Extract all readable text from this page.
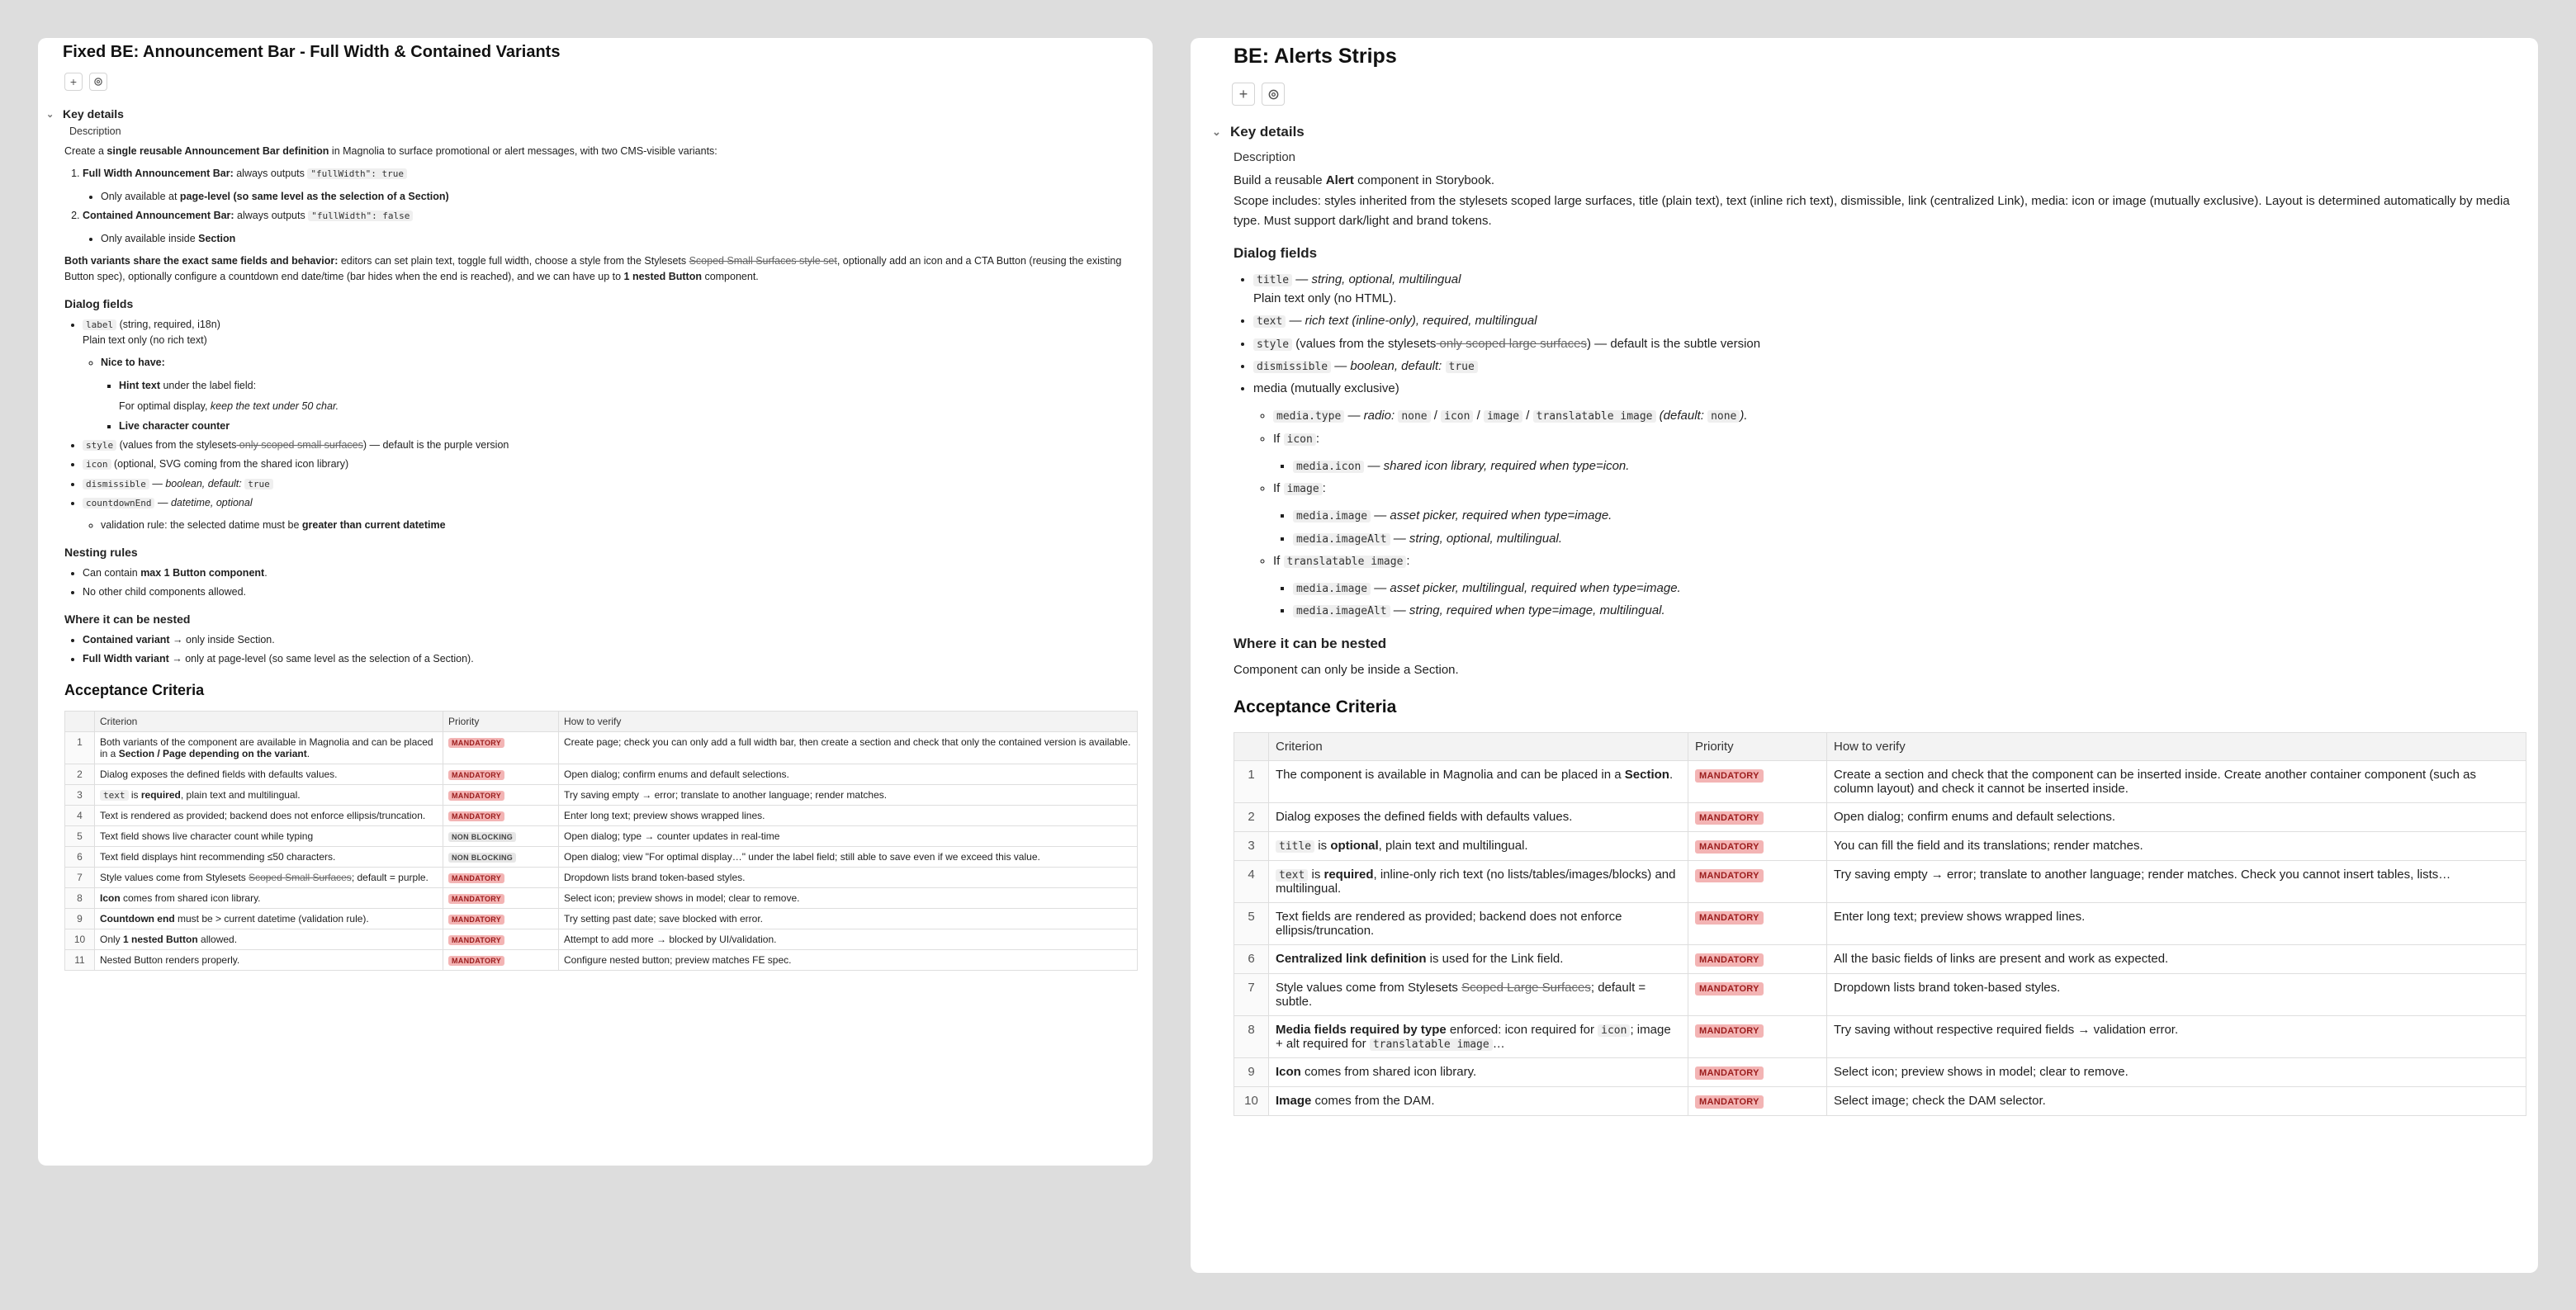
Fixed BE: Announcement Bar - Full Width & Contained Variants
+
⌄ Key details
Description
Create a single reusable Announcement Bar definition in Magnolia to surface promotional or alert messages, with two CMS-visible variants:
1. Full Width Announcement Bar: always outputs "fullWidth": true
• Only available at page-level (so same level as the selection of a Section)
2. Contained Announcement Bar: always outputs "fullWidth": false
• Only available inside Section
Both variants share the exact same fields and behavior: editors can set plain text, toggle full width, choose a style from the Stylesets Scoped Small Surfaces style set, optionally add an icon and a CTA Button (reusing the existing Button spec), optionally configure a countdown end date/time (bar hides when the end is reached), and we can have up to 1 nested Button component.
Dialog fields
• label (string, required, i18n)
Plain text only (no rich text)
◦ Nice to have:
▪ Hint text under the label field:
For optimal display, keep the text under 50 char.
▪ Live character counter
• style (values from the stylesets only scoped small surfaces) — default is the purple version
• icon (optional, SVG coming from the shared icon library)
• dismissible — boolean, default: true
• countdownEnd — datetime, optional
◦ validation rule: the selected datime must be greater than current datetime
Nesting rules
• Can contain max 1 Button component.
• No other child components allowed.
Where it can be nested
• Contained variant → only inside Section.
• Full Width variant → only at page-level (so same level as the selection of a Section).
Acceptance Criteria
	Criterion	Priority	How to verify
1	Both variants of the component are available in Magnolia and can be placed in a Section / Page depending on the variant.	MANDATORY	Create page; check you can only add a full width bar, then create a section and check that only the contained version is available.
2	Dialog exposes the defined fields with defaults values.	MANDATORY	Open dialog; confirm enums and default selections.
3	text is required, plain text and multilingual.	MANDATORY	Try saving empty → error; translate to another language; render matches.
4	Text is rendered as provided; backend does not enforce ellipsis/truncation.	MANDATORY	Enter long text; preview shows wrapped lines.
5	Text field shows live character count while typing	NON BLOCKING	Open dialog; type → counter updates in real-time
6	Text field displays hint recommending ≤50 characters.	NON BLOCKING	Open dialog; view "For optimal display…" under the label field; still able to save even if we exceed this value.
7	Style values come from Stylesets Scoped Small Surfaces; default = purple.	MANDATORY	Dropdown lists brand token-based styles.
8	Icon comes from shared icon library.	MANDATORY	Select icon; preview shows in model; clear to remove.
9	Countdown end must be > current datetime (validation rule).	MANDATORY	Try setting past date; save blocked with error.
10	Only 1 nested Button allowed.	MANDATORY	Attempt to add more → blocked by UI/validation.
11	Nested Button renders properly.	MANDATORY	Configure nested button; preview matches FE spec.
BE: Alerts Strips
+
⌄ Key details
Description
Build a reusable Alert component in Storybook.
Scope includes: styles inherited from the stylesets scoped large surfaces, title (plain text), text (inline rich text), dismissible, link (centralized Link), media: icon or image (mutually exclusive). Layout is determined automatically by media type. Must support dark/light and brand tokens.
Dialog fields
• title — string, optional, multilingual
Plain text only (no HTML).
• text — rich text (inline-only), required, multilingual
• style (values from the stylesets only scoped large surfaces) — default is the subtle version
• dismissible — boolean, default: true
• media (mutually exclusive)
◦ media.type — radio: none / icon / image / translatable image (default: none ).
◦ If icon :
▪ media.icon — shared icon library, required when type=icon.
◦ If image :
▪ media.image — asset picker, required when type=image.
▪ media.imageAlt — string, optional, multilingual.
◦ If translatable image :
▪ media.image — asset picker, multilingual, required when type=image.
▪ media.imageAlt — string, required when type=image, multilingual.
Where it can be nested
Component can only be inside a Section.
Acceptance Criteria
	Criterion	Priority	How to verify
1	The component is available in Magnolia and can be placed in a Section.	MANDATORY	Create a section and check that the component can be inserted inside. Create another container component (such as column layout) and check it cannot be inserted inside.
2	Dialog exposes the defined fields with defaults values.	MANDATORY	Open dialog; confirm enums and default selections.
3	title is optional, plain text and multilingual.	MANDATORY	You can fill the field and its translations; render matches.
4	text is required, inline-only rich text (no lists/tables/images/blocks) and multilingual.	MANDATORY	Try saving empty → error; translate to another language; render matches. Check you cannot insert tables, lists…
5	Text fields are rendered as provided; backend does not enforce ellipsis/truncation.	MANDATORY	Enter long text; preview shows wrapped lines.
6	Centralized link definition is used for the Link field.	MANDATORY	All the basic fields of links are present and work as expected.
7	Style values come from Stylesets Scoped Large Surfaces; default = subtle.	MANDATORY	Dropdown lists brand token-based styles.
8	Media fields required by type enforced: icon required for icon ; image + alt required for translatable image …	MANDATORY	Try saving without respective required fields → validation error.
9	Icon comes from shared icon library.	MANDATORY	Select icon; preview shows in model; clear to remove.
10	Image comes from the DAM.	MANDATORY	Select image; check the DAM selector.
